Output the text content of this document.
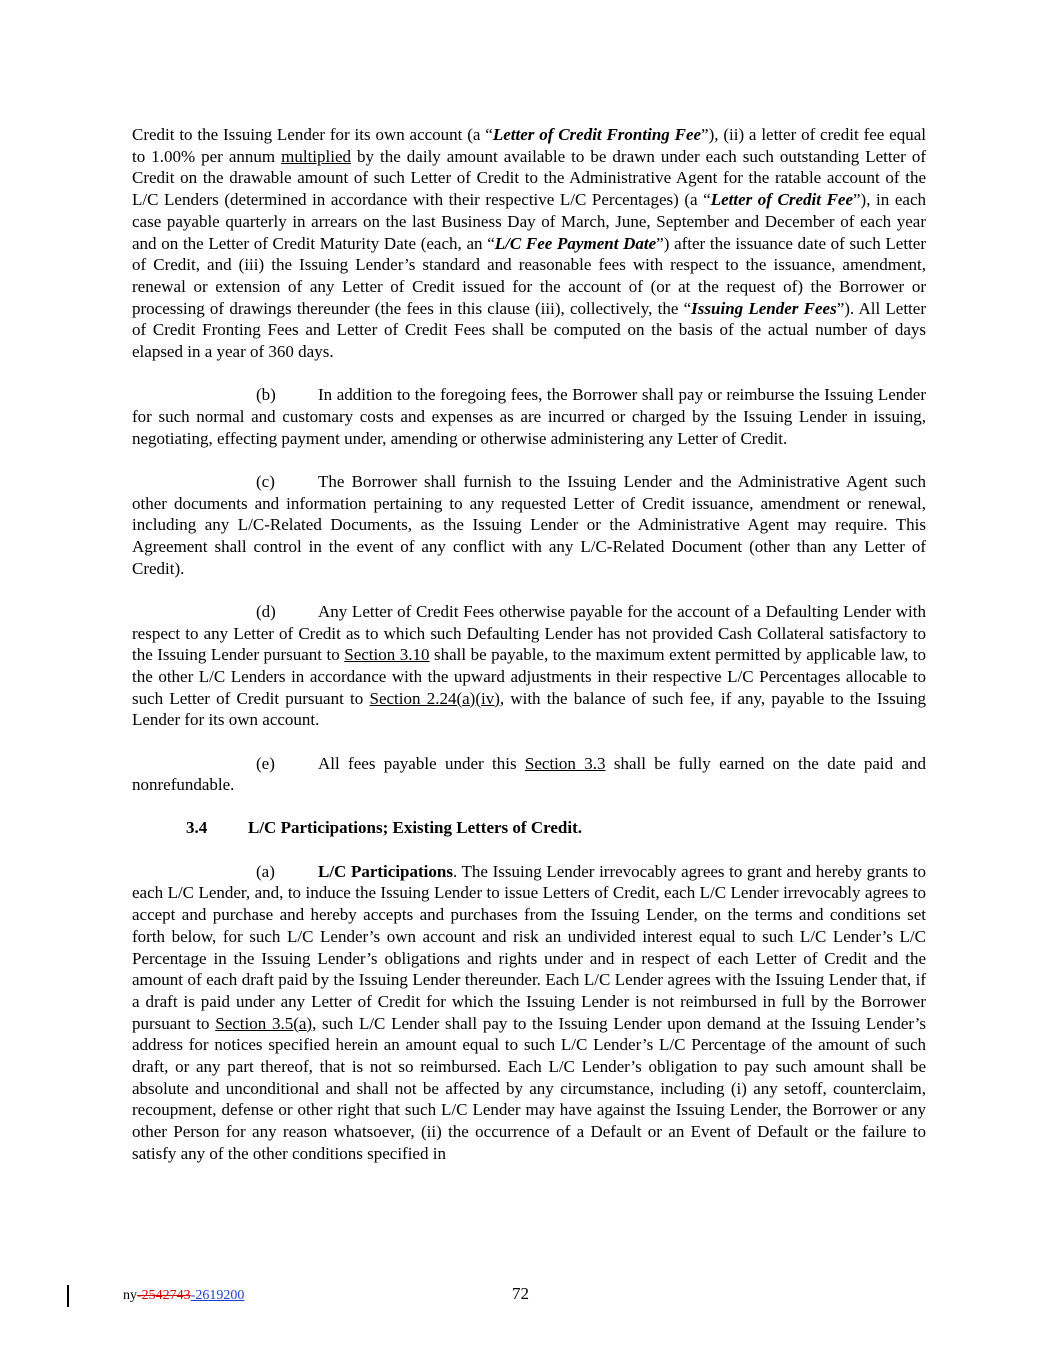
Credit to the Issuing Lender for its own account (a “Letter of Credit Fronting Fee”), (ii) a letter of credit fee equal to 1.00% per annum multiplied by the daily amount available to be drawn under each such outstanding Letter of Credit on the drawable amount of such Letter of Credit to the Administrative Agent for the ratable account of the L/C Lenders (determined in accordance with their respective L/C Percentages) (a “Letter of Credit Fee”), in each case payable quarterly in arrears on the last Business Day of March, June, September and December of each year and on the Letter of Credit Maturity Date (each, an “L/C Fee Payment Date”) after the issuance date of such Letter of Credit, and (iii) the Issuing Lender’s standard and reasonable fees with respect to the issuance, amendment, renewal or extension of any Letter of Credit issued for the account of (or at the request of) the Borrower or processing of drawings thereunder (the fees in this clause (iii), collectively, the “Issuing Lender Fees”). All Letter of Credit Fronting Fees and Letter of Credit Fees shall be computed on the basis of the actual number of days elapsed in a year of 360 days.

(b) In addition to the foregoing fees, the Borrower shall pay or reimburse the Issuing Lender for such normal and customary costs and expenses as are incurred or charged by the Issuing Lender in issuing, negotiating, effecting payment under, amending or otherwise administering any Letter of Credit.

(c)	The Borrower shall furnish to the Issuing Lender and the Administrative Agent such other documents and information pertaining to any requested Letter of Credit issuance, amendment or renewal, including any L/C-Related Documents, as the Issuing Lender or the Administrative Agent may require. This Agreement shall control in the event of any conflict with any L/C-Related Document (other than any Letter of Credit).

(d) Any Letter of Credit Fees otherwise payable for the account of a Defaulting Lender with respect to any Letter of Credit as to which such Defaulting Lender has not provided Cash Collateral satisfactory to the Issuing Lender pursuant to Section 3.10 shall be payable, to the maximum extent permitted by applicable law, to the other L/C Lenders in accordance with the upward adjustments in their respective L/C Percentages allocable to such Letter of Credit pursuant to Section 2.24(a)(iv), with the balance of such fee, if any, payable to the Issuing Lender for its own account.

(e)	All fees payable under this Section 3.3 shall be fully earned on the date paid and nonrefundable.

3.4 L/C Participations; Existing Letters of Credit.

(a)	L/C Participations. The Issuing Lender irrevocably agrees to grant and hereby grants to each L/C Lender, and, to induce the Issuing Lender to issue Letters of Credit, each L/C Lender irrevocably agrees to accept and purchase and hereby accepts and purchases from the Issuing Lender, on the terms and conditions set forth below, for such L/C Lender’s own account and risk an undivided interest equal to such L/C Lender’s L/C Percentage in the Issuing Lender’s obligations and rights under and in respect of each Letter of Credit and the amount of each draft paid by the Issuing Lender thereunder. Each L/C Lender agrees with the Issuing Lender that, if a draft is paid under any Letter of Credit for which the Issuing Lender is not reimbursed in full by the Borrower pursuant to Section 3.5(a), such L/C Lender shall pay to the Issuing Lender upon demand at the Issuing Lender’s address for notices specified herein an amount equal to such L/C Lender’s L/C Percentage of the amount of such draft, or any part thereof, that is not so reimbursed. Each L/C Lender’s obligation to pay such amount shall be absolute and unconditional and shall not be affected by any circumstance, including (i) any setoff, counterclaim, recoupment, defense or other right that such L/C Lender may have against the Issuing Lender, the Borrower or any other Person for any reason whatsoever, (ii) the occurrence of a Default or an Event of Default or the failure to satisfy any of the other conditions specified in

ny-2542743-2619200	72
